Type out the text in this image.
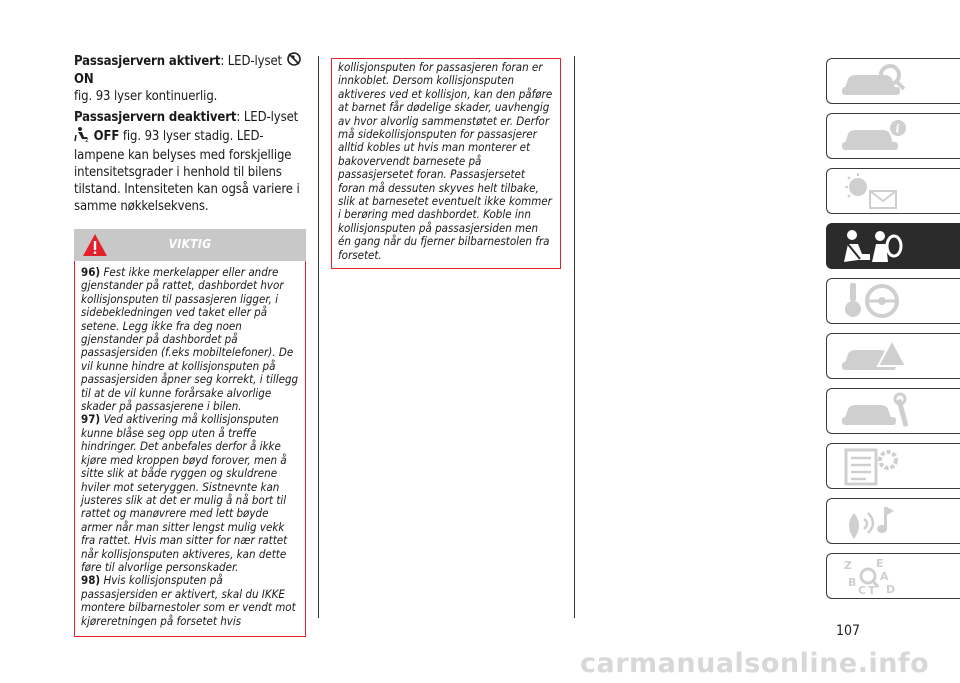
Passasjervern aktivert: LED-lyset  ON
fig. 93 lyser kontinuerlig.

Passasjervern deaktivert: LED-lyset

2 OFF fig. 93 lyser stadig. LED-lampene kan belyses med forskjellige intensitetsgrader i henhold til bilens tilstand. Intensiteten kan også variere i samme nøkkelsekvens.

VIKTIG

96) Fest ikke merkelapper eller andre gjenstander på rattet, dashbordet hvor kollisjonsputen til passasjeren ligger, i sidebekledningen ved taket eller på setene. Legg ikke fra deg noen gjenstander på dashbordet på passasjersiden (f.eks mobiltelefoner). De vil kunne hindre at kollisjonsputen på passasjersiden åpner seg korrekt, i tillegg til at de vil kunne forårsake alvorlige skader på passasjerene i bilen.

97) Ved aktivering må kollisjonsputen kunne blåse seg opp uten å treffe hindringer. Det anbefales derfor å ikke kjøre med kroppen bøyd forover, men å sitte slik at både ryggen og skuldrene hviler mot seteryggen. Sistnevnte kan justeres slik at det er mulig å nå bort til rattet og manøvrere med lett bøyde armer når man sitter lengst mulig vekk fra rattet. Hvis man sitter for nær rattet når kollisjonsputen aktiveres, kan dette føre til alvorlige personskader.

98) Hvis kollisjonsputen på passasjersiden er aktivert, skal du IKKE montere bilbarnestoler som er vendt mot kjøreretningen på forsetet hvis

kollisjonsputen for passasjeren foran er innkoblet. Dersom kollisjonsputen aktiveres ved et kollisjon, kan den påføre at barnet får dødelige skader, uavhengig av hvor alvorlig sammenstøtet er. Derfor må sidekollisjonsputen for passasjerer alltid kobles ut hvis man monterer et bakovervendt barnesete på passasjersetet foran. Passasjersetet foran må dessuten skyves helt tilbake, slik at barnesetet eventuelt ikke kommer i berøring med dashbordet. Koble inn kollisjonsputen på passasjersiden men én gang når du fjerner bilbarnestolen fra forsetet.

i
Z E
B A
C T D
107
carmanualsonline.info
